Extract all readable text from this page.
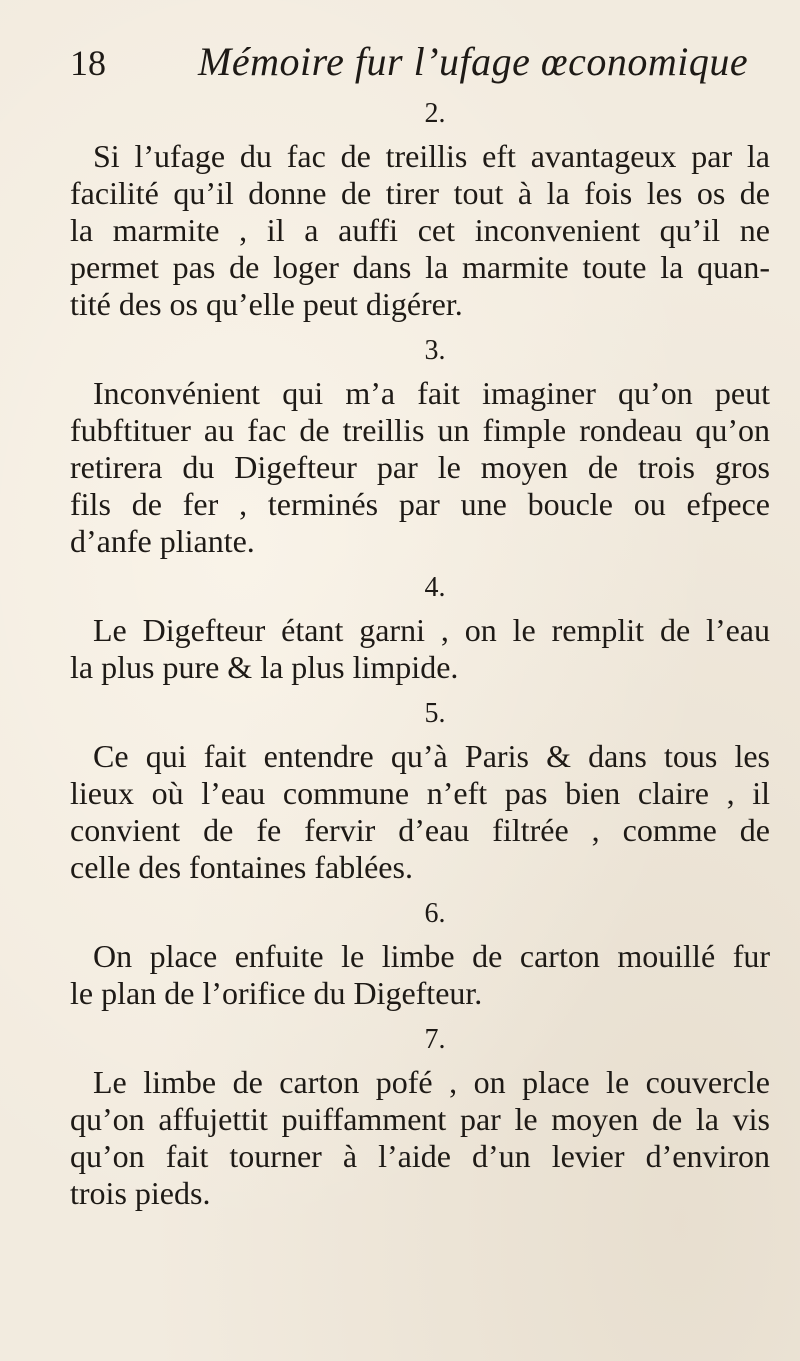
18 Mémoire fur l’ufage œconomique
2.

Si l’ufage du fac de treillis eft avantageux par la
facilité qu’il donne de tirer tout à la fois les os de
la marmite , il a auffi cet inconvenient qu’il ne
permet pas de loger dans la marmite toute la quan-
tité des os qu’elle peut digérer.

3.

Inconvénient qui m’a fait imaginer qu’on peut
fubftituer au fac de treillis un fimple rondeau qu’on
retirera du Digefteur par le moyen de trois gros
fils de fer , terminés par une boucle ou efpece
d’anfe pliante.

4.

Le Digefteur étant garni , on le remplit de l’eau
la plus pure & la plus limpide.

5.

Ce qui fait entendre qu’à Paris & dans tous les
lieux où l’eau commune n’eft pas bien claire , il
convient de fe fervir d’eau filtrée , comme de
celle des fontaines fablées.

6.

On place enfuite le limbe de carton mouillé fur
le plan de l’orifice du Digefteur.

7.

Le limbe de carton pofé , on place le couvercle
qu’on affujettit puiffamment par le moyen de la vis
qu’on fait tourner à l’aide d’un levier d’environ
trois pieds.
